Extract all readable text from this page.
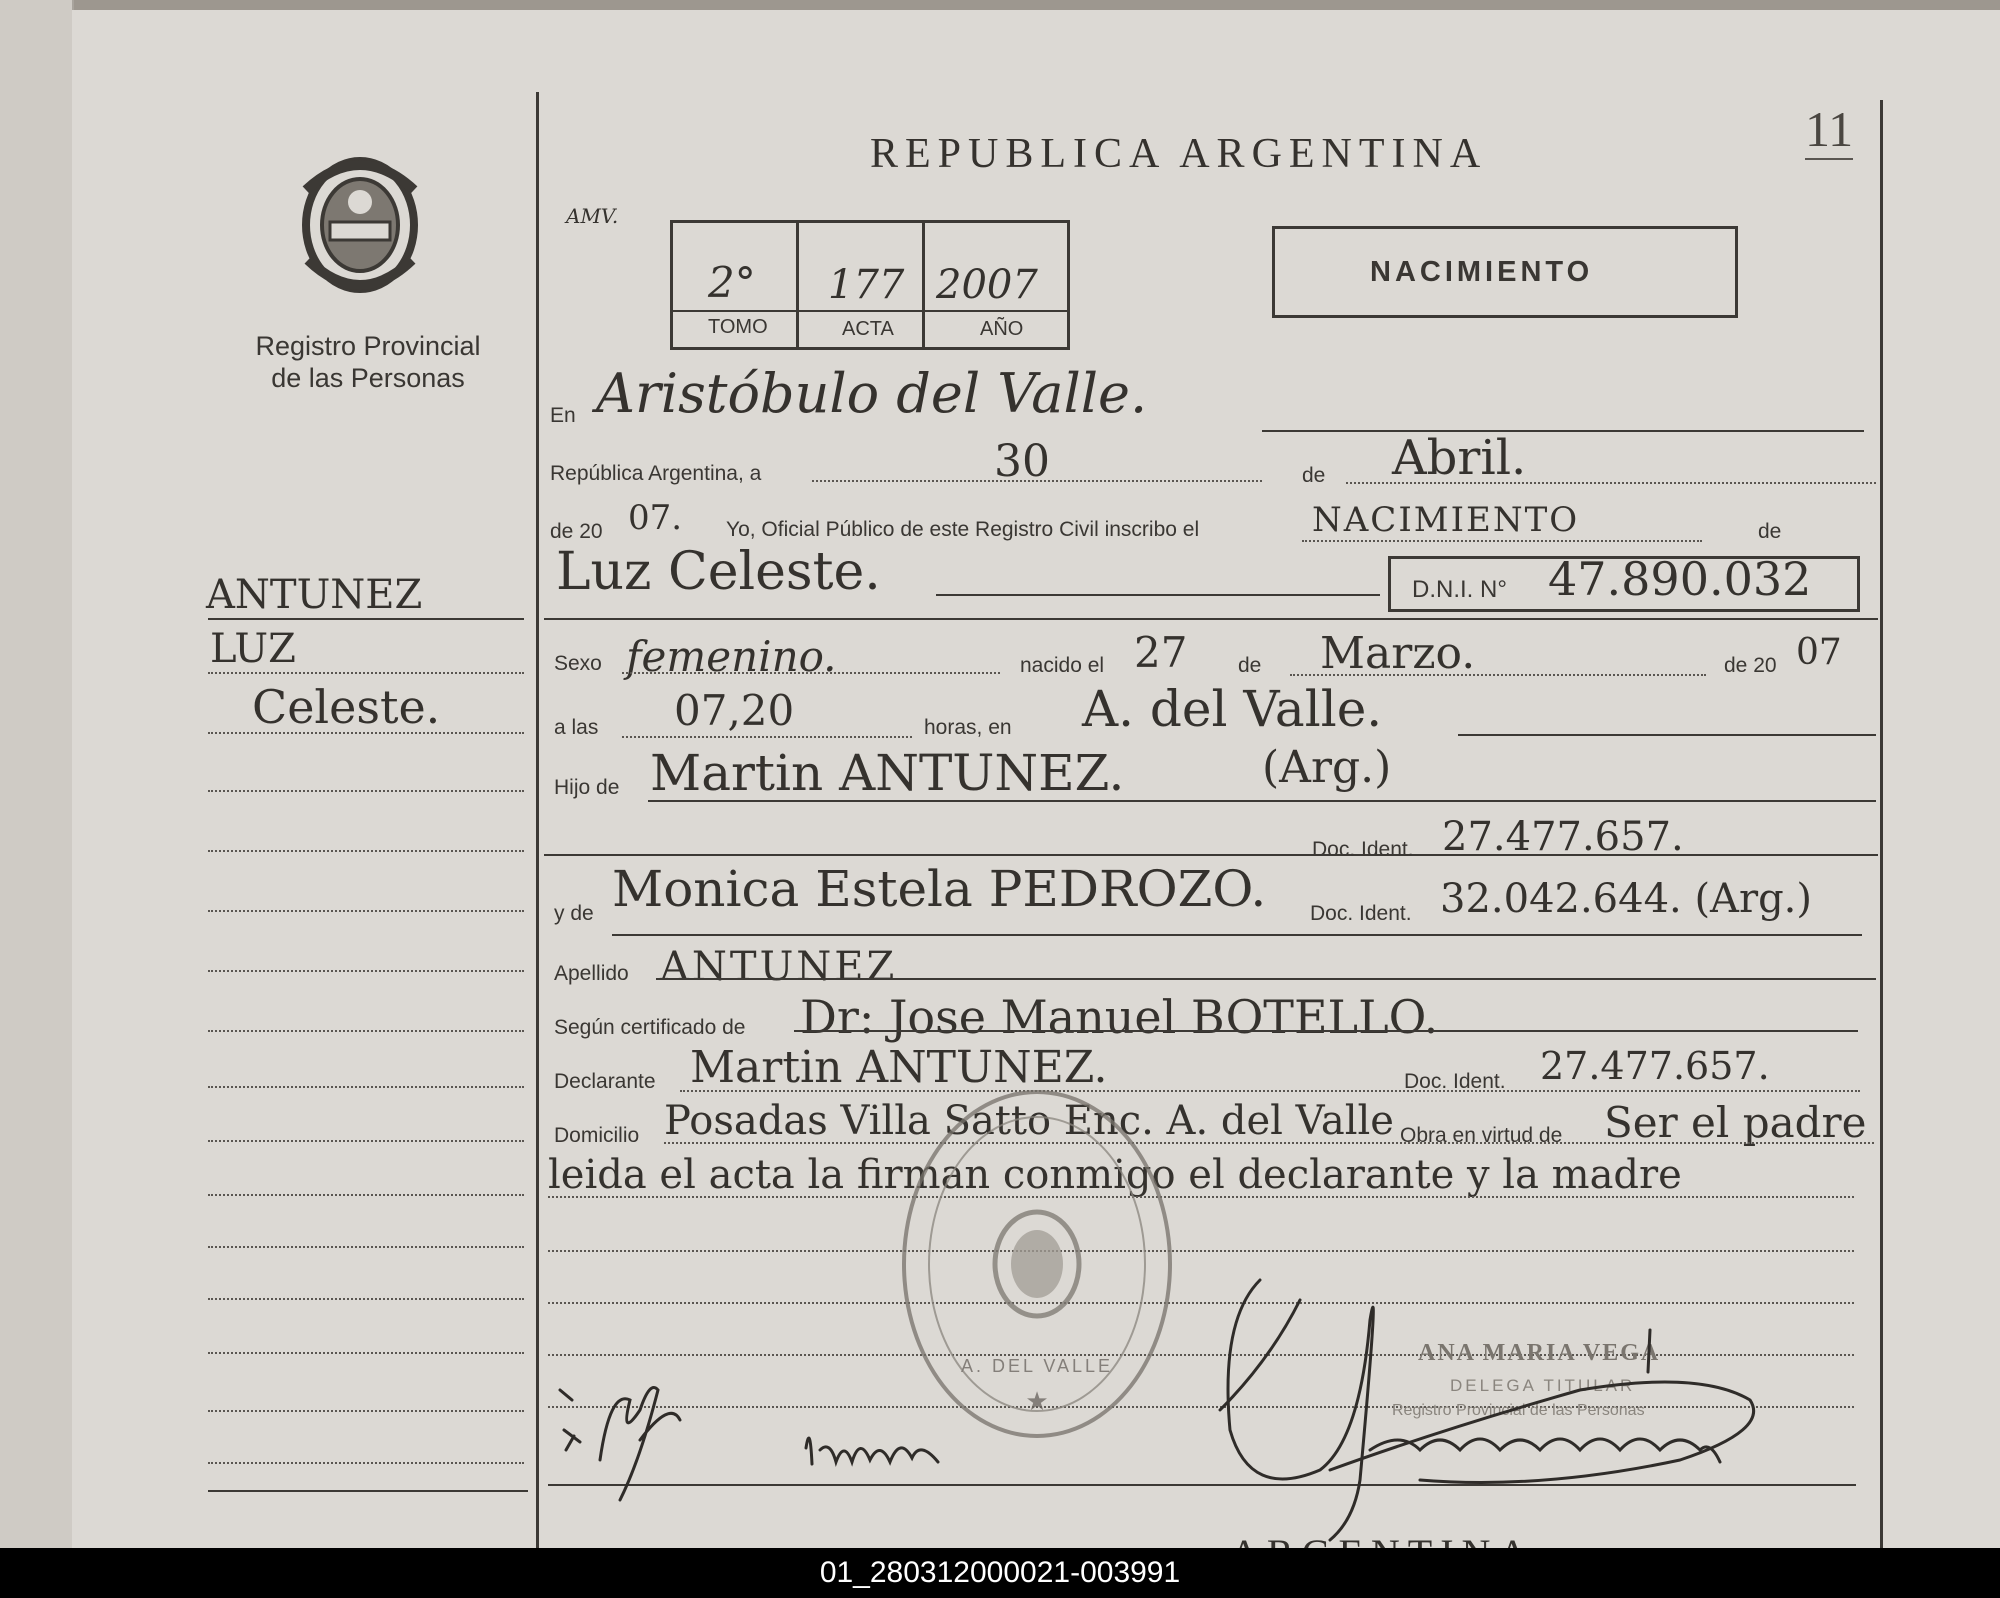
11
Registro Provincial de las Personas
REPUBLICA ARGENTINA
AMV.
2° 177 2007
TOMO	ACTA	AÑO
NACIMIENTO
ANTUNEZ
LUZ
Celeste.
En Aristóbulo del Valle.
República Argentina, a	30	de Abril.
de 20 07. Yo, Oficial Público de este Registro Civil inscribo el	NACIMIENTO	de
Luz Celeste.	D.N.I. N° 47.890.032
Sexo femenino.	nacido el 27 de Marzo.	de 20 07
a las 07,20	horas, en A. del Valle.
Hijo de Martin ANTUNEZ.	(Arg.)
Doc. Ident. 27.477.657.
y de Monica Estela PEDROZO. Doc. Ident. 32.042.644. (Arg.)
Apellido ANTUNEZ
Según certificado de Dr: Jose Manuel BOTELLO.
Declarante Martin ANTUNEZ.	Doc. Ident. 27.477.657.
Domicilio Posadas Villa Satto Enc. A. del Valle Obra en virtud de Ser el padre
leida el acta la firman conmigo el declarante y la madre
A. DEL VALLE
★
ANA MARIA VEGA
DELEGA TITULAR
Registro Provincial de las Personas
01_280312000021-003991
